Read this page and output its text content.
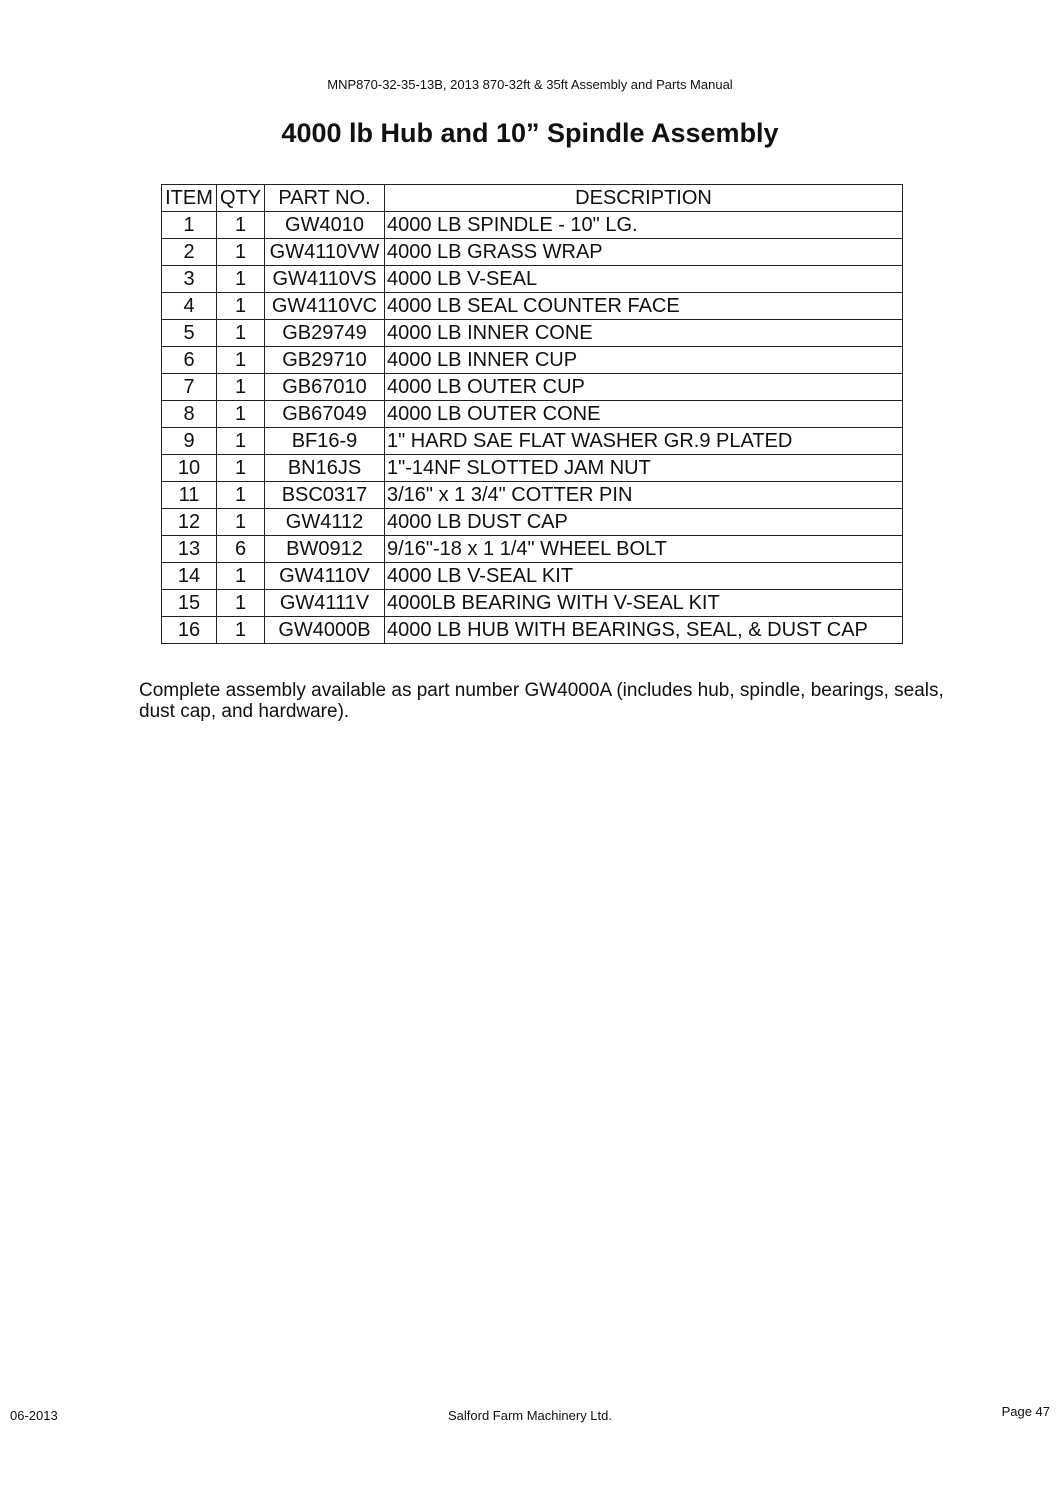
MNP870-32-35-13B, 2013 870-32ft & 35ft Assembly and Parts Manual
4000 lb Hub and 10” Spindle Assembly
ITEM	QTY	PART NO.	DESCRIPTION
1	1	GW4010	4000 LB SPINDLE - 10" LG.
2	1	GW4110VW	4000 LB GRASS WRAP
3	1	GW4110VS	4000 LB V-SEAL
4	1	GW4110VC	4000 LB SEAL COUNTER FACE
5	1	GB29749	4000 LB INNER CONE
6	1	GB29710	4000 LB INNER CUP
7	1	GB67010	4000 LB OUTER CUP
8	1	GB67049	4000 LB OUTER CONE
9	1	BF16-9	1" HARD SAE FLAT WASHER GR.9 PLATED
10	1	BN16JS	1"-14NF SLOTTED JAM NUT
11	1	BSC0317	3/16" x 1 3/4" COTTER PIN
12	1	GW4112	4000 LB DUST CAP
13	6	BW0912	9/16"-18 x 1 1/4" WHEEL BOLT
14	1	GW4110V	4000 LB V-SEAL KIT
15	1	GW4111V	4000LB BEARING WITH V-SEAL KIT
16	1	GW4000B	4000 LB HUB WITH BEARINGS, SEAL, & DUST CAP
Complete assembly available as part number GW4000A (includes hub, spindle, bearings, seals, dust cap, and hardware).
06-2013	Salford Farm Machinery Ltd.	Page 47
